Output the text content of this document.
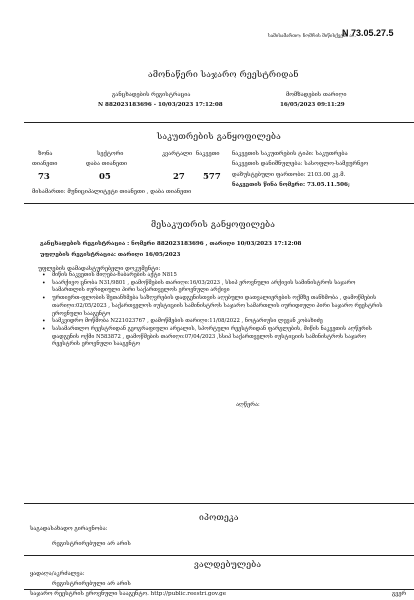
სამისამართო: ნომრის მიწისქვეშა ა...
N 73.05.27.5
ამონაწერი საჯარო რეესტრიდან
განცხადების რეგისტრაცია
N 882023183696 - 10/03/2023 17:12:08
მომზადების თარიღი
16/05/2023 09:11:29
საკუთრების განყოფილება
ზონა
თიანეთი
73
სექტორი
დაბა თიანეთი
05
კვარტალი
27
ნაკვეთი
577
ნაკვეთის საკუთრების ტიპი: საკუთრება
ნაკვეთის დანიშნულება: სასოფლო-სამეურნეო
დაზუსტებული ფართობი: 2103.00 კვ.მ.
ნაკვეთის წინა ნომერი: 73.05.11.506;
მისამართი: მუნიციპალიტეტი თიანეთი , დაბა თიანეთი
მესაკუთრის განყოფილება
განცხადების რეგისტრაცია : ნომერი 882023183696 , თარიღი 10/03/2023 17:12:08
უფლების რეგისტრაცია: თარიღი 16/05/2023
უფლების დამადასტურებელი დოკუმენტი:
• მიწის ნაკვეთის მიღება-ჩაბარების აქტი N815
• საარქივო ცნობა N31/9801 , დამოწმების თარიღი:16/03/2023 , სსიპ ეროვნული არქივის სამინისტროს საჯარო სამართლის იურიდიული პირი საქართველოს ეროვნული არქივი
• ურთიერთ-ფლობის შეთანხმება საზღვრების დადგენისთვის აღებული დათვალიერების ოქმზე თანხმობა , დამოწმების თარიღი:02/05/2023 , საქართველოს იუსტიციის სამინისტროს საჯარო სამართლის იურიდიული პირი საჯარო რეესტრის ეროვნული სააგენტო
• სამკვიდრო მოწმობა N221023767 , დამოწმების თარიღი:11/08/2022 , ნოტარიუსი ლევან კობახიძე
• სასამართლო რეესტრიდან გეოგრაფიული არეალის, სპორტული რეესტრიდან ფარგლების, მიწის ნაკვეთის აღწერის დადგენის ოქმი N583872 , დამოწმების თარიღი:07/04/2023 ,სსიპ საქართველოს იუსტიციის სამინისტროს საჯარო რეესტრის ეროვნული სააგენტო
აღწერა:
იპოთეკა
საგადასახადო გირავნობა:
რეგისტრირებული არ არის
ვალდებულება
ყადაღა/აკრძალვა:
რეგისტრირებული არ არის
საჯარო რეესტრის ეროვნული სააგენტო. http://public.reestri.gov.ge	გვერ
